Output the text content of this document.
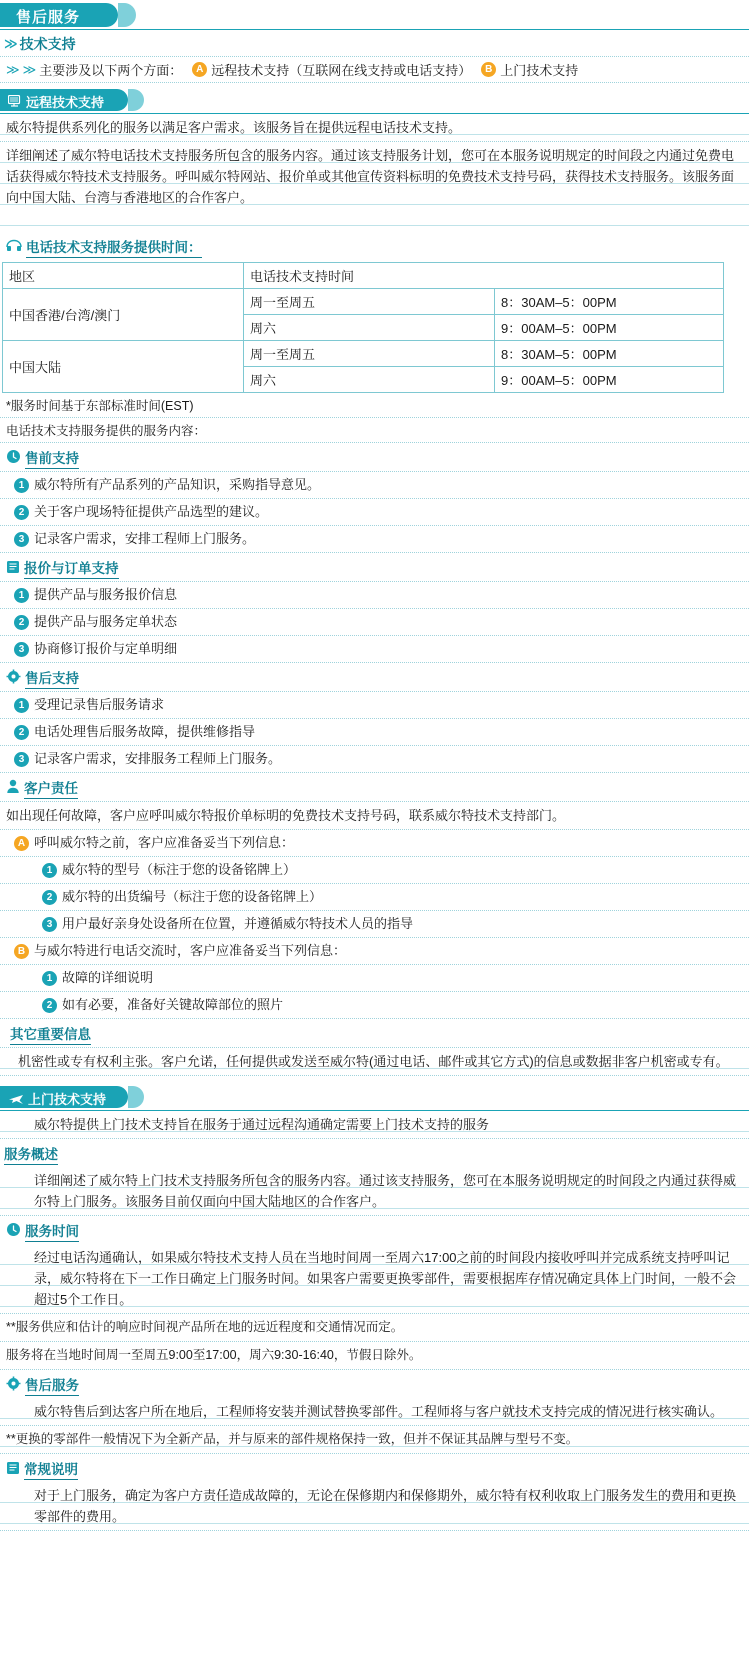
售后服务
≫ 技术支持
≫ ≫ 主要涉及以下两个方面：	A 远程技术支持（互联网在线支持或电话支持）	B 上门技术支持
远程技术支持
威尔特提供系列化的服务以满足客户需求。该服务旨在提供远程电话技术支持。
详细阐述了威尔特电话技术支持服务所包含的服务内容。通过该支持服务计划，您可在本服务说明规定的时间段之内通过免费电话获得威尔特技术支持服务。呼叫威尔特网站、报价单或其他宣传资料标明的免费技术支持号码，获得技术支持服务。该服务面向中国大陆、台湾与香港地区的合作客户。
电话技术支持服务提供时间：
地区	电话技术支持时间	
中国香港/台湾/澳门	周一至周五	8：30AM–5：00PM
	周六	9：00AM–5：00PM
中国大陆	周一至周五	8：30AM–5：00PM
	周六	9：00AM–5：00PM
*服务时间基于东部标准时间(EST)
电话技术支持服务提供的服务内容：
售前支持
1 威尔特所有产品系列的产品知识，采购指导意见。
2 关于客户现场特征提供产品选型的建议。
3 记录客户需求，安排工程师上门服务。
报价与订单支持
1 提供产品与服务报价信息
2 提供产品与服务定单状态
3 协商修订报价与定单明细
售后支持
1 受理记录售后服务请求
2 电话处理售后服务故障，提供维修指导
3 记录客户需求，安排服务工程师上门服务。
客户责任
如出现任何故障，客户应呼叫威尔特报价单标明的免费技术支持号码，联系威尔特技术支持部门。
A 呼叫威尔特之前，客户应准备妥当下列信息：
1 威尔特的型号（标注于您的设备铭牌上）
2 威尔特的出货编号（标注于您的设备铭牌上）
3 用户最好亲身处设备所在位置，并遵循威尔特技术人员的指导
B 与威尔特进行电话交流时，客户应准备妥当下列信息：
1 故障的详细说明
2 如有必要，准备好关键故障部位的照片
其它重要信息
机密性或专有权利主张。客户允诺，任何提供或发送至威尔特(通过电话、邮件或其它方式)的信息或数据非客户机密或专有。
上门技术支持
威尔特提供上门技术支持旨在服务于通过远程沟通确定需要上门技术支持的服务
服务概述
详细阐述了威尔特上门技术支持服务所包含的服务内容。通过该支持服务，您可在本服务说明规定的时间段之内通过获得威尔特上门服务。该服务目前仅面向中国大陆地区的合作客户。
服务时间
经过电话沟通确认，如果威尔特技术支持人员在当地时间周一至周六17:00之前的时间段内接收呼叫并完成系统支持呼叫记录，威尔特将在下一工作日确定上门服务时间。如果客户需要更换零部件，需要根据库存情况确定具体上门时间，一般不会超过5个工作日。
**服务供应和估计的响应时间视产品所在地的远近程度和交通情况而定。
服务将在当地时间周一至周五9:00至17:00，周六9:30-16:40，节假日除外。
售后服务
威尔特售后到达客户所在地后，工程师将安装并测试替换零部件。工程师将与客户就技术支持完成的情况进行核实确认。
**更换的零部件一般情况下为全新产品，并与原来的部件规格保持一致，但并不保证其品牌与型号不变。
常规说明
对于上门服务，确定为客户方责任造成故障的，无论在保修期内和保修期外，威尔特有权利收取上门服务发生的费用和更换零部件的费用。
